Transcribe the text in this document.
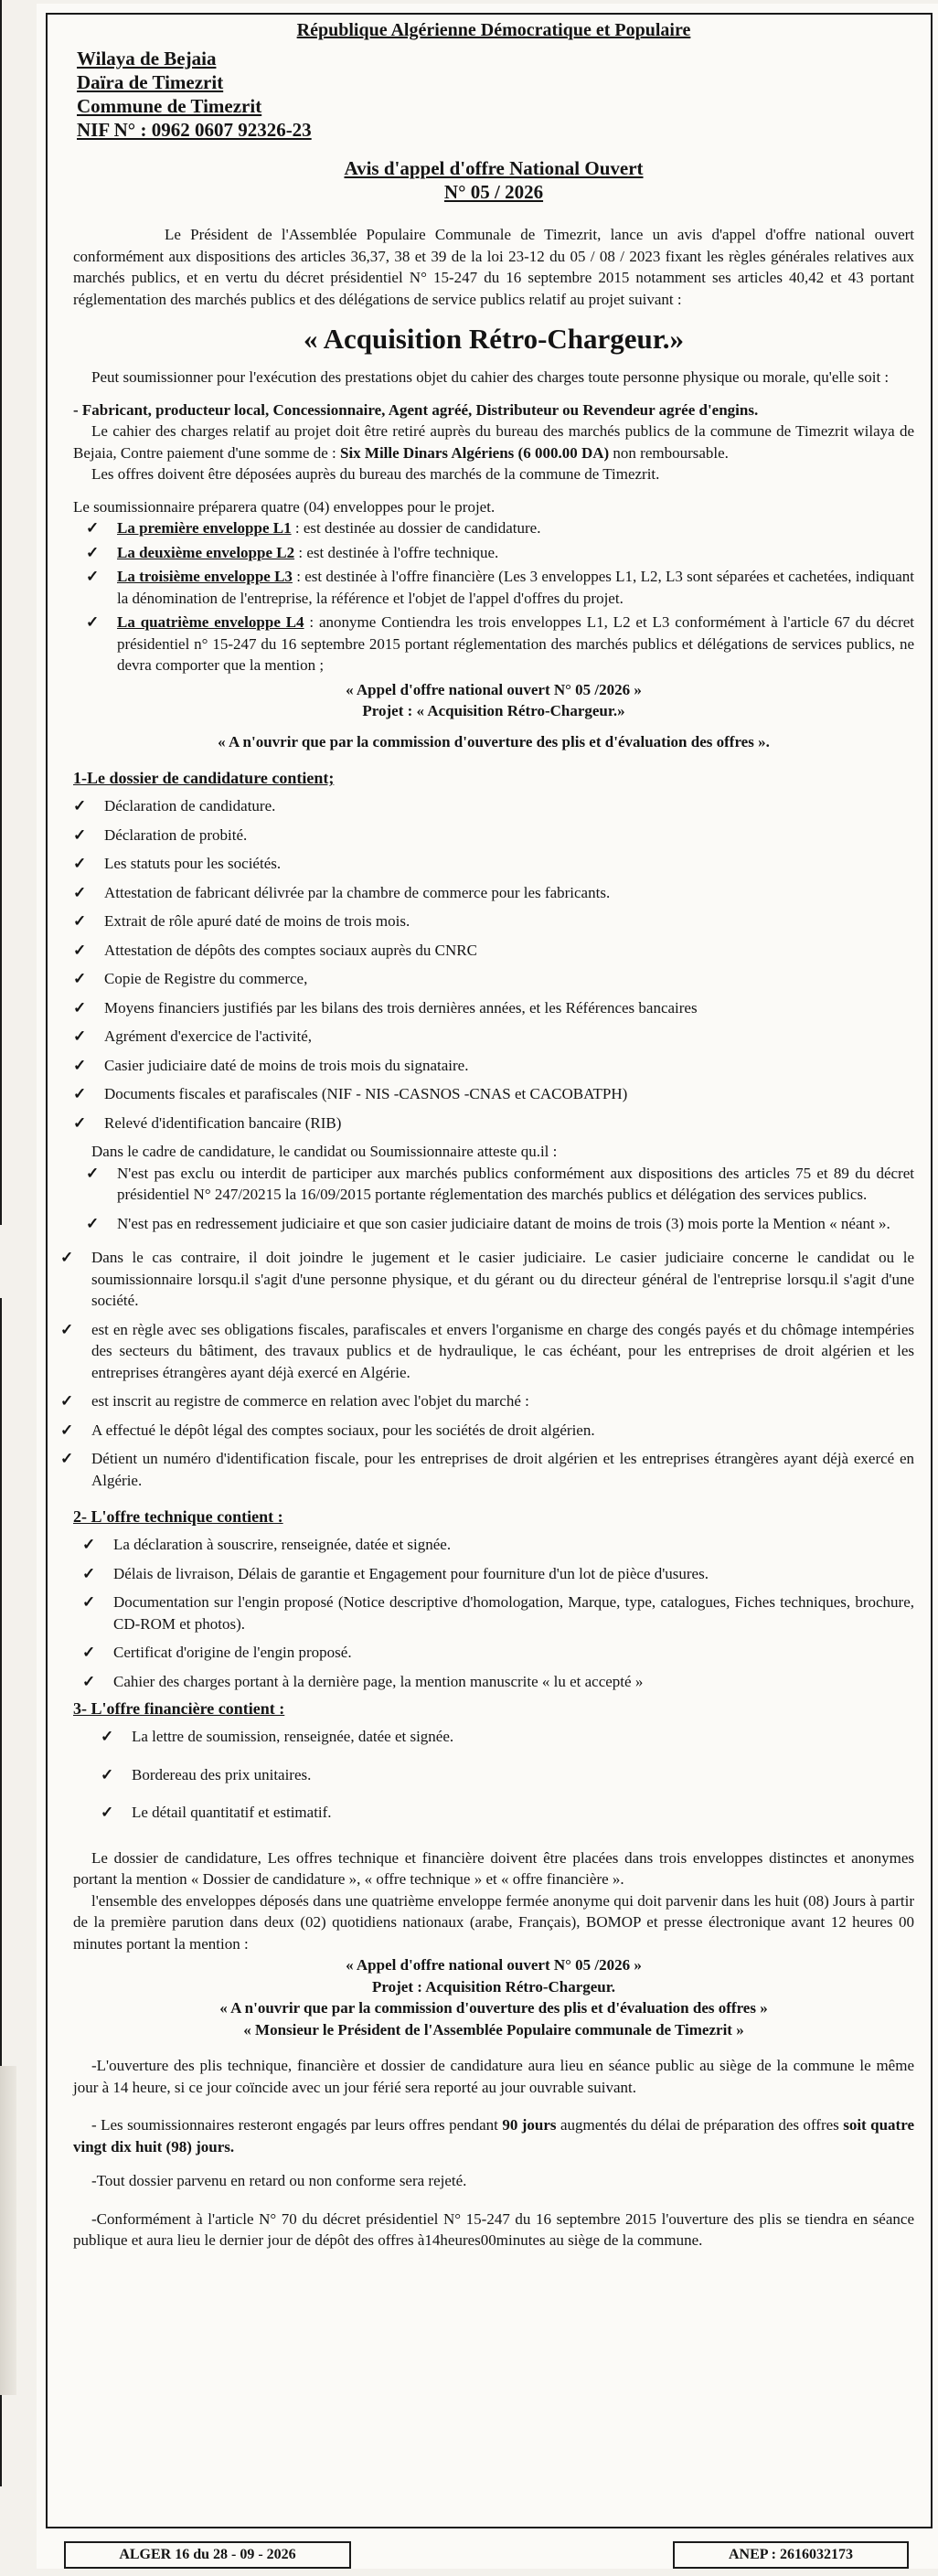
République Algérienne Démocratique et Populaire
Wilaya de Bejaia
Daïra de Timezrit
Commune de Timezrit
NIF N° : 0962 0607 92326-23
Avis d'appel d'offre National Ouvert
N° 05 / 2026

Le Président de l'Assemblée Populaire Communale de Timezrit, lance un avis d'appel d'offre national ouvert conformément aux dispositions des articles 36,37, 38 et 39 de la loi 23-12 du 05 / 08 / 2023 fixant les règles générales relatives aux marchés publics, et en vertu du décret présidentiel N° 15-247 du 16 septembre 2015 notamment ses articles 40,42 et 43 portant réglementation des marchés publics et des délégations de service publics relatif au projet suivant :

« Acquisition Rétro-Chargeur.»

Peut soumissionner pour l'exécution des prestations objet du cahier des charges toute personne physique ou morale, qu'elle soit :

- Fabricant, producteur local, Concessionnaire, Agent agréé, Distributeur ou Revendeur agrée d'engins.

Le cahier des charges relatif au projet doit être retiré auprès du bureau des marchés publics de la commune de Timezrit wilaya de Bejaia, Contre paiement d'une somme de : Six Mille Dinars Algériens (6 000.00 DA) non remboursable.

Les offres doivent être déposées auprès du bureau des marchés de la commune de Timezrit.

Le soumissionnaire préparera quatre (04) enveloppes pour le projet.

✓ La première enveloppe L1 : est destinée au dossier de candidature.
✓ La deuxième enveloppe L2 : est destinée à l'offre technique.
✓ La troisième enveloppe L3 : est destinée à l'offre financière (Les 3 enveloppes L1, L2, L3 sont séparées et cachetées, indiquant la dénomination de l'entreprise, la référence et l'objet de l'appel d'offres du projet.
✓ La quatrième enveloppe L4 : anonyme Contiendra les trois enveloppes L1, L2 et L3 conformément à l'article 67 du décret présidentiel n° 15-247 du 16 septembre 2015 portant réglementation des marchés publics et délégations de services publics, ne devra comporter que la mention ;

« Appel d'offre national ouvert N° 05 /2026 »

Projet : « Acquisition Rétro-Chargeur.»

« A n'ouvrir que par la commission d'ouverture des plis et d'évaluation des offres ».

1-Le dossier de candidature contient;
✓ Déclaration de candidature.
✓ Déclaration de probité.
✓ Les statuts pour les sociétés.
✓ Attestation de fabricant délivrée par la chambre de commerce pour les fabricants.
✓ Extrait de rôle apuré daté de moins de trois mois.
✓ Attestation de dépôts des comptes sociaux auprès du CNRC
✓ Copie de Registre du commerce,
✓ Moyens financiers justifiés par les bilans des trois dernières années, et les Références bancaires
✓ Agrément d'exercice de l'activité,
✓ Casier judiciaire daté de moins de trois mois du signataire.
✓ Documents fiscales et parafiscales (NIF - NIS -CASNOS -CNAS et CACOBATPH)
✓ Relevé d'identification bancaire (RIB)

Dans le cadre de candidature, le candidat ou Soumissionnaire atteste qu.il :

✓ N'est pas exclu ou interdit de participer aux marchés publics conformément aux dispositions des articles 75 et 89 du décret présidentiel N° 247/20215 la 16/09/2015 portante réglementation des marchés publics et délégation des services publics.
✓ N'est pas en redressement judiciaire et que son casier judiciaire datant de moins de trois (3) mois porte la Mention « néant ».
✓ Dans le cas contraire, il doit joindre le jugement et le casier judiciaire. Le casier judiciaire concerne le candidat ou le soumissionnaire lorsqu.il s'agit d'une personne physique, et du gérant ou du directeur général de l'entreprise lorsqu.il s'agit d'une société.
✓ est en règle avec ses obligations fiscales, parafiscales et envers l'organisme en charge des congés payés et du chômage intempéries des secteurs du bâtiment, des travaux publics et de hydraulique, le cas échéant, pour les entreprises de droit algérien et les entreprises étrangères ayant déjà exercé en Algérie.
✓ est inscrit au registre de commerce en relation avec l'objet du marché :
✓ A effectué le dépôt légal des comptes sociaux, pour les sociétés de droit algérien.
✓ Détient un numéro d'identification fiscale, pour les entreprises de droit algérien et les entreprises étrangères ayant déjà exercé en Algérie.
2- L'offre technique contient :
✓ La déclaration à souscrire, renseignée, datée et signée.
✓ Délais de livraison, Délais de garantie et Engagement pour fourniture d'un lot de pièce d'usures.
✓ Documentation sur l'engin proposé (Notice descriptive d'homologation, Marque, type, catalogues, Fiches techniques, brochure, CD-ROM et photos).
✓ Certificat d'origine de l'engin proposé.
✓ Cahier des charges portant à la dernière page, la mention manuscrite « lu et accepté »
3- L'offre financière contient :
✓ La lettre de soumission, renseignée, datée et signée.
✓ Bordereau des prix unitaires.
✓ Le détail quantitatif et estimatif.

Le dossier de candidature, Les offres technique et financière doivent être placées dans trois enveloppes distinctes et anonymes portant la mention « Dossier de candidature », « offre technique » et « offre financière ».

l'ensemble des enveloppes déposés dans une quatrième enveloppe fermée anonyme qui doit parvenir dans les huit (08) Jours à partir de la première parution dans deux (02) quotidiens nationaux (arabe, Français), BOMOP et presse électronique avant 12 heures 00 minutes portant la mention :

« Appel d'offre national ouvert N° 05 /2026 »

Projet : Acquisition Rétro-Chargeur.

« A n'ouvrir que par la commission d'ouverture des plis et d'évaluation des offres »

« Monsieur le Président de l'Assemblée Populaire communale de Timezrit »

-L'ouverture des plis technique, financière et dossier de candidature aura lieu en séance public au siège de la commune le même jour à 14 heure, si ce jour coïncide avec un jour férié sera reporté au jour ouvrable suivant.

- Les soumissionnaires resteront engagés par leurs offres pendant 90 jours augmentés du délai de préparation des offres soit quatre vingt dix huit (98) jours.

-Tout dossier parvenu en retard ou non conforme sera rejeté.

-Conformément à l'article N° 70 du décret présidentiel N° 15-247 du 16 septembre 2015 l'ouverture des plis se tiendra en séance publique et aura lieu le dernier jour de dépôt des offres à14heures00minutes au siège de la commune.

ALGER 16 du 28 - 09 - 2026	ANEP : 2616032173
